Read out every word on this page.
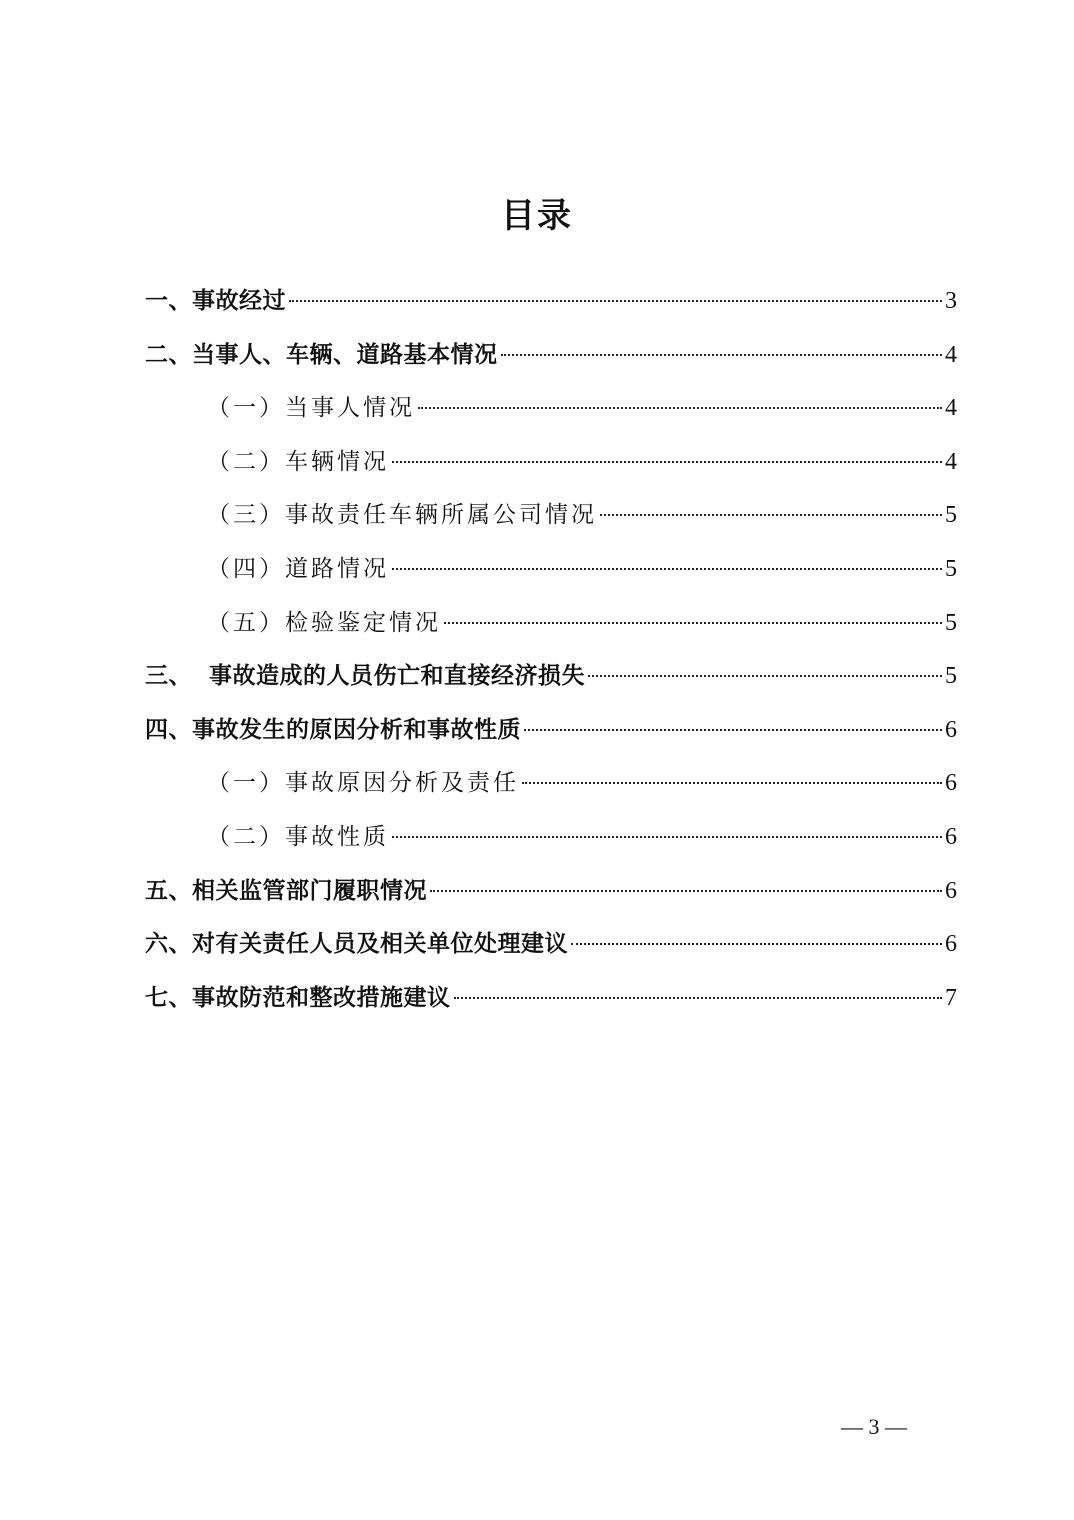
目录
一、事故经过	3
二、当事人、车辆、道路基本情况	4
（一）当事人情况	4
（二）车辆情况	4
（三）事故责任车辆所属公司情况	5
（四）道路情况	5
（五）检验鉴定情况	5
三、  事故造成的人员伤亡和直接经济损失	5
四、事故发生的原因分析和事故性质	6
（一）事故原因分析及责任	6
（二）事故性质	6
五、相关监管部门履职情况	6
六、对有关责任人员及相关单位处理建议	6
七、事故防范和整改措施建议	7
— 3 —
